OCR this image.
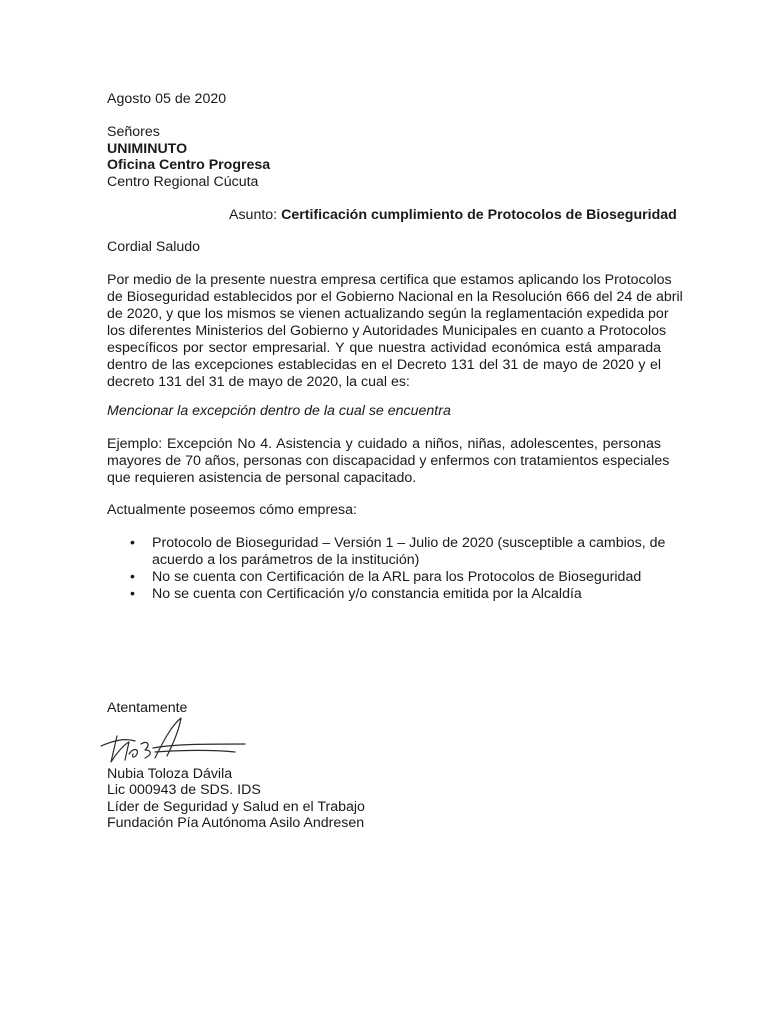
Agosto 05 de 2020
Señores
UNIMINUTO
Oficina Centro Progresa
Centro Regional Cúcuta
Asunto: Certificación cumplimiento de Protocolos de Bioseguridad
Cordial Saludo
Por medio de la presente nuestra empresa certifica que estamos aplicando los Protocolos
de Bioseguridad establecidos por el Gobierno Nacional en la Resolución 666 del 24 de abril
de 2020, y que los mismos se vienen actualizando según la reglamentación expedida por
los diferentes Ministerios del Gobierno y Autoridades Municipales en cuanto a Protocolos
específicos por sector empresarial. Y que nuestra actividad económica está amparada
dentro de las excepciones establecidas en el Decreto 131 del 31 de mayo de 2020 y el
decreto 131 del 31 de mayo de 2020, la cual es:
Mencionar la excepción dentro de la cual se encuentra
Ejemplo: Excepción No 4. Asistencia y cuidado a niños, niñas, adolescentes, personas
mayores de 70 años, personas con discapacidad y enfermos con tratamientos especiales
que requieren asistencia de personal capacitado.
Actualmente poseemos cómo empresa:
• Protocolo de Bioseguridad – Versión 1 – Julio de 2020 (susceptible a cambios, de
acuerdo a los parámetros de la institución)
• No se cuenta con Certificación de la ARL para los Protocolos de Bioseguridad
• No se cuenta con Certificación y/o constancia emitida por la Alcaldía
Atentamente
Nubia Toloza Dávila
Lic 000943 de SDS. IDS
Líder de Seguridad y Salud en el Trabajo
Fundación Pía Autónoma Asilo Andresen
